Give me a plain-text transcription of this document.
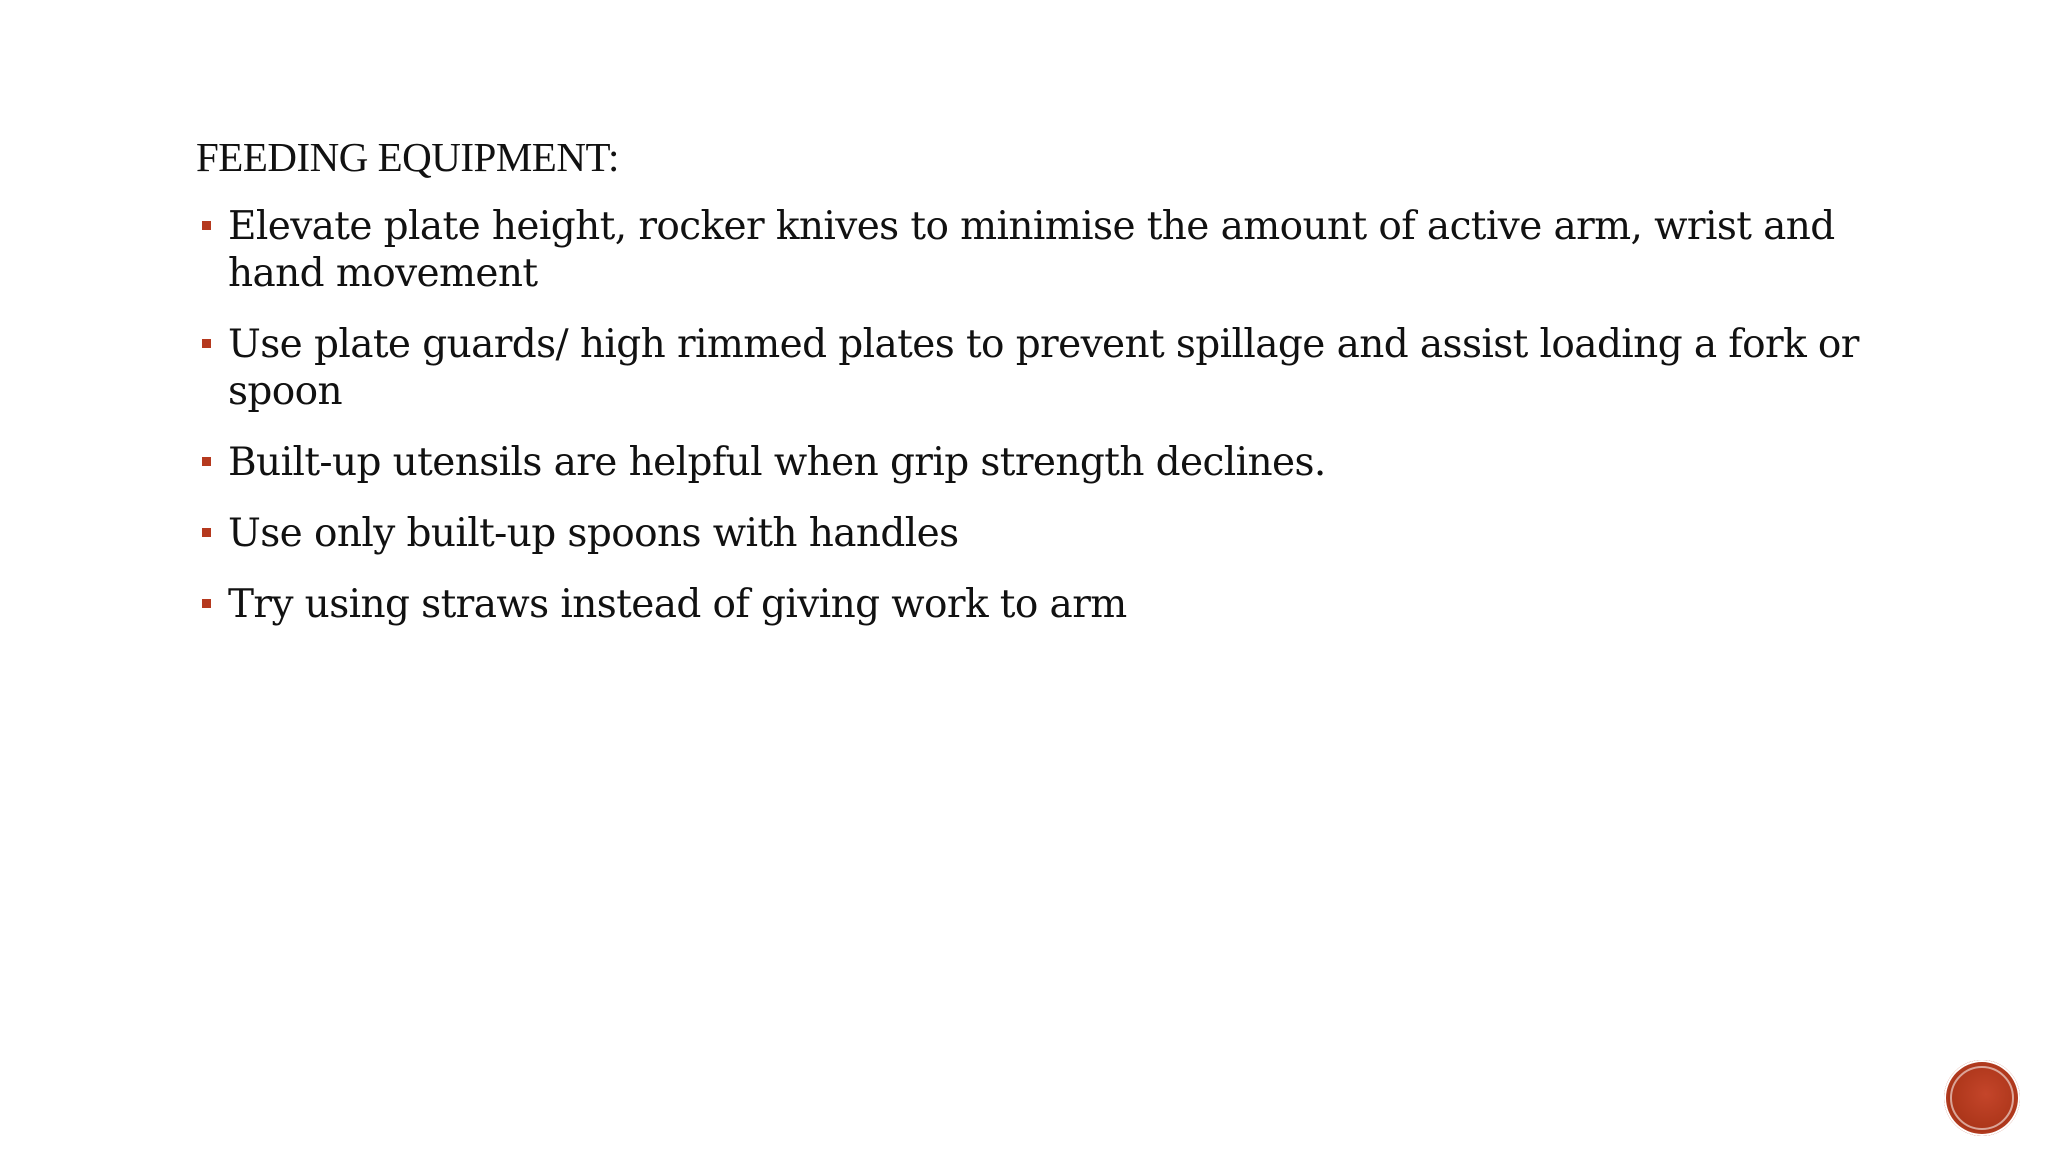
FEEDING EQUIPMENT:
Elevate plate height, rocker knives to minimise the amount of active arm, wrist and hand movement
Use plate guards/ high rimmed plates to prevent spillage and assist loading a fork or spoon
Built-up utensils are helpful when grip strength declines.
Use only built-up spoons with handles
Try using straws instead of giving work to arm
